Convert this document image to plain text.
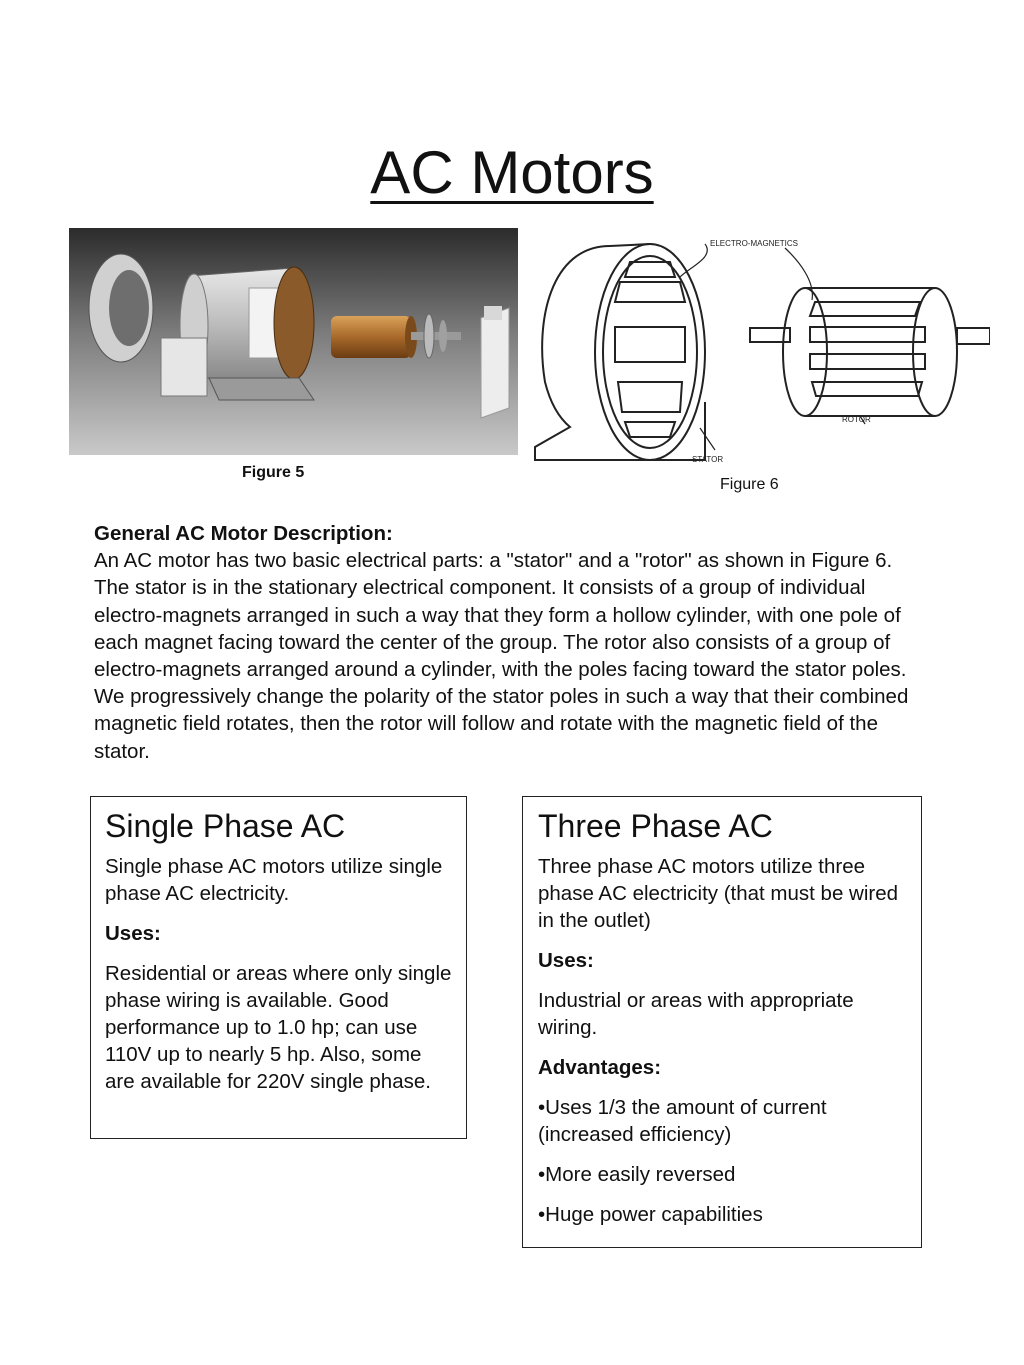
AC Motors
ELECTRO-MAGNETICS
STATOR
ROTOR
Figure 5
Figure 6
General AC Motor Description:
An AC motor has two basic electrical parts: a "stator" and a "rotor" as shown in Figure 6. The stator is in the stationary electrical component. It consists of a group of individual electro-magnets arranged in such a way that they form a hollow cylinder, with one pole of each magnet facing toward the center of the group. The rotor also consists of a group of electro-magnets arranged around a cylinder, with the poles facing toward the stator poles. We progressively change the polarity of the stator poles in such a way that their combined magnetic field rotates, then the rotor will follow and rotate with the magnetic field of the stator.
Single Phase AC

Single phase AC motors utilize single phase AC electricity.

Uses:

Residential or areas where only single phase wiring is available. Good performance up to 1.0 hp; can use 110V up to nearly 5 hp. Also, some are available for 220V single phase.

Three Phase AC

Three phase AC motors utilize three phase AC electricity (that must be wired in the outlet)

Uses:

Industrial or areas with appropriate wiring.

Advantages:

•Uses 1/3 the amount of current (increased efficiency)

•More easily reversed

•Huge power capabilities
